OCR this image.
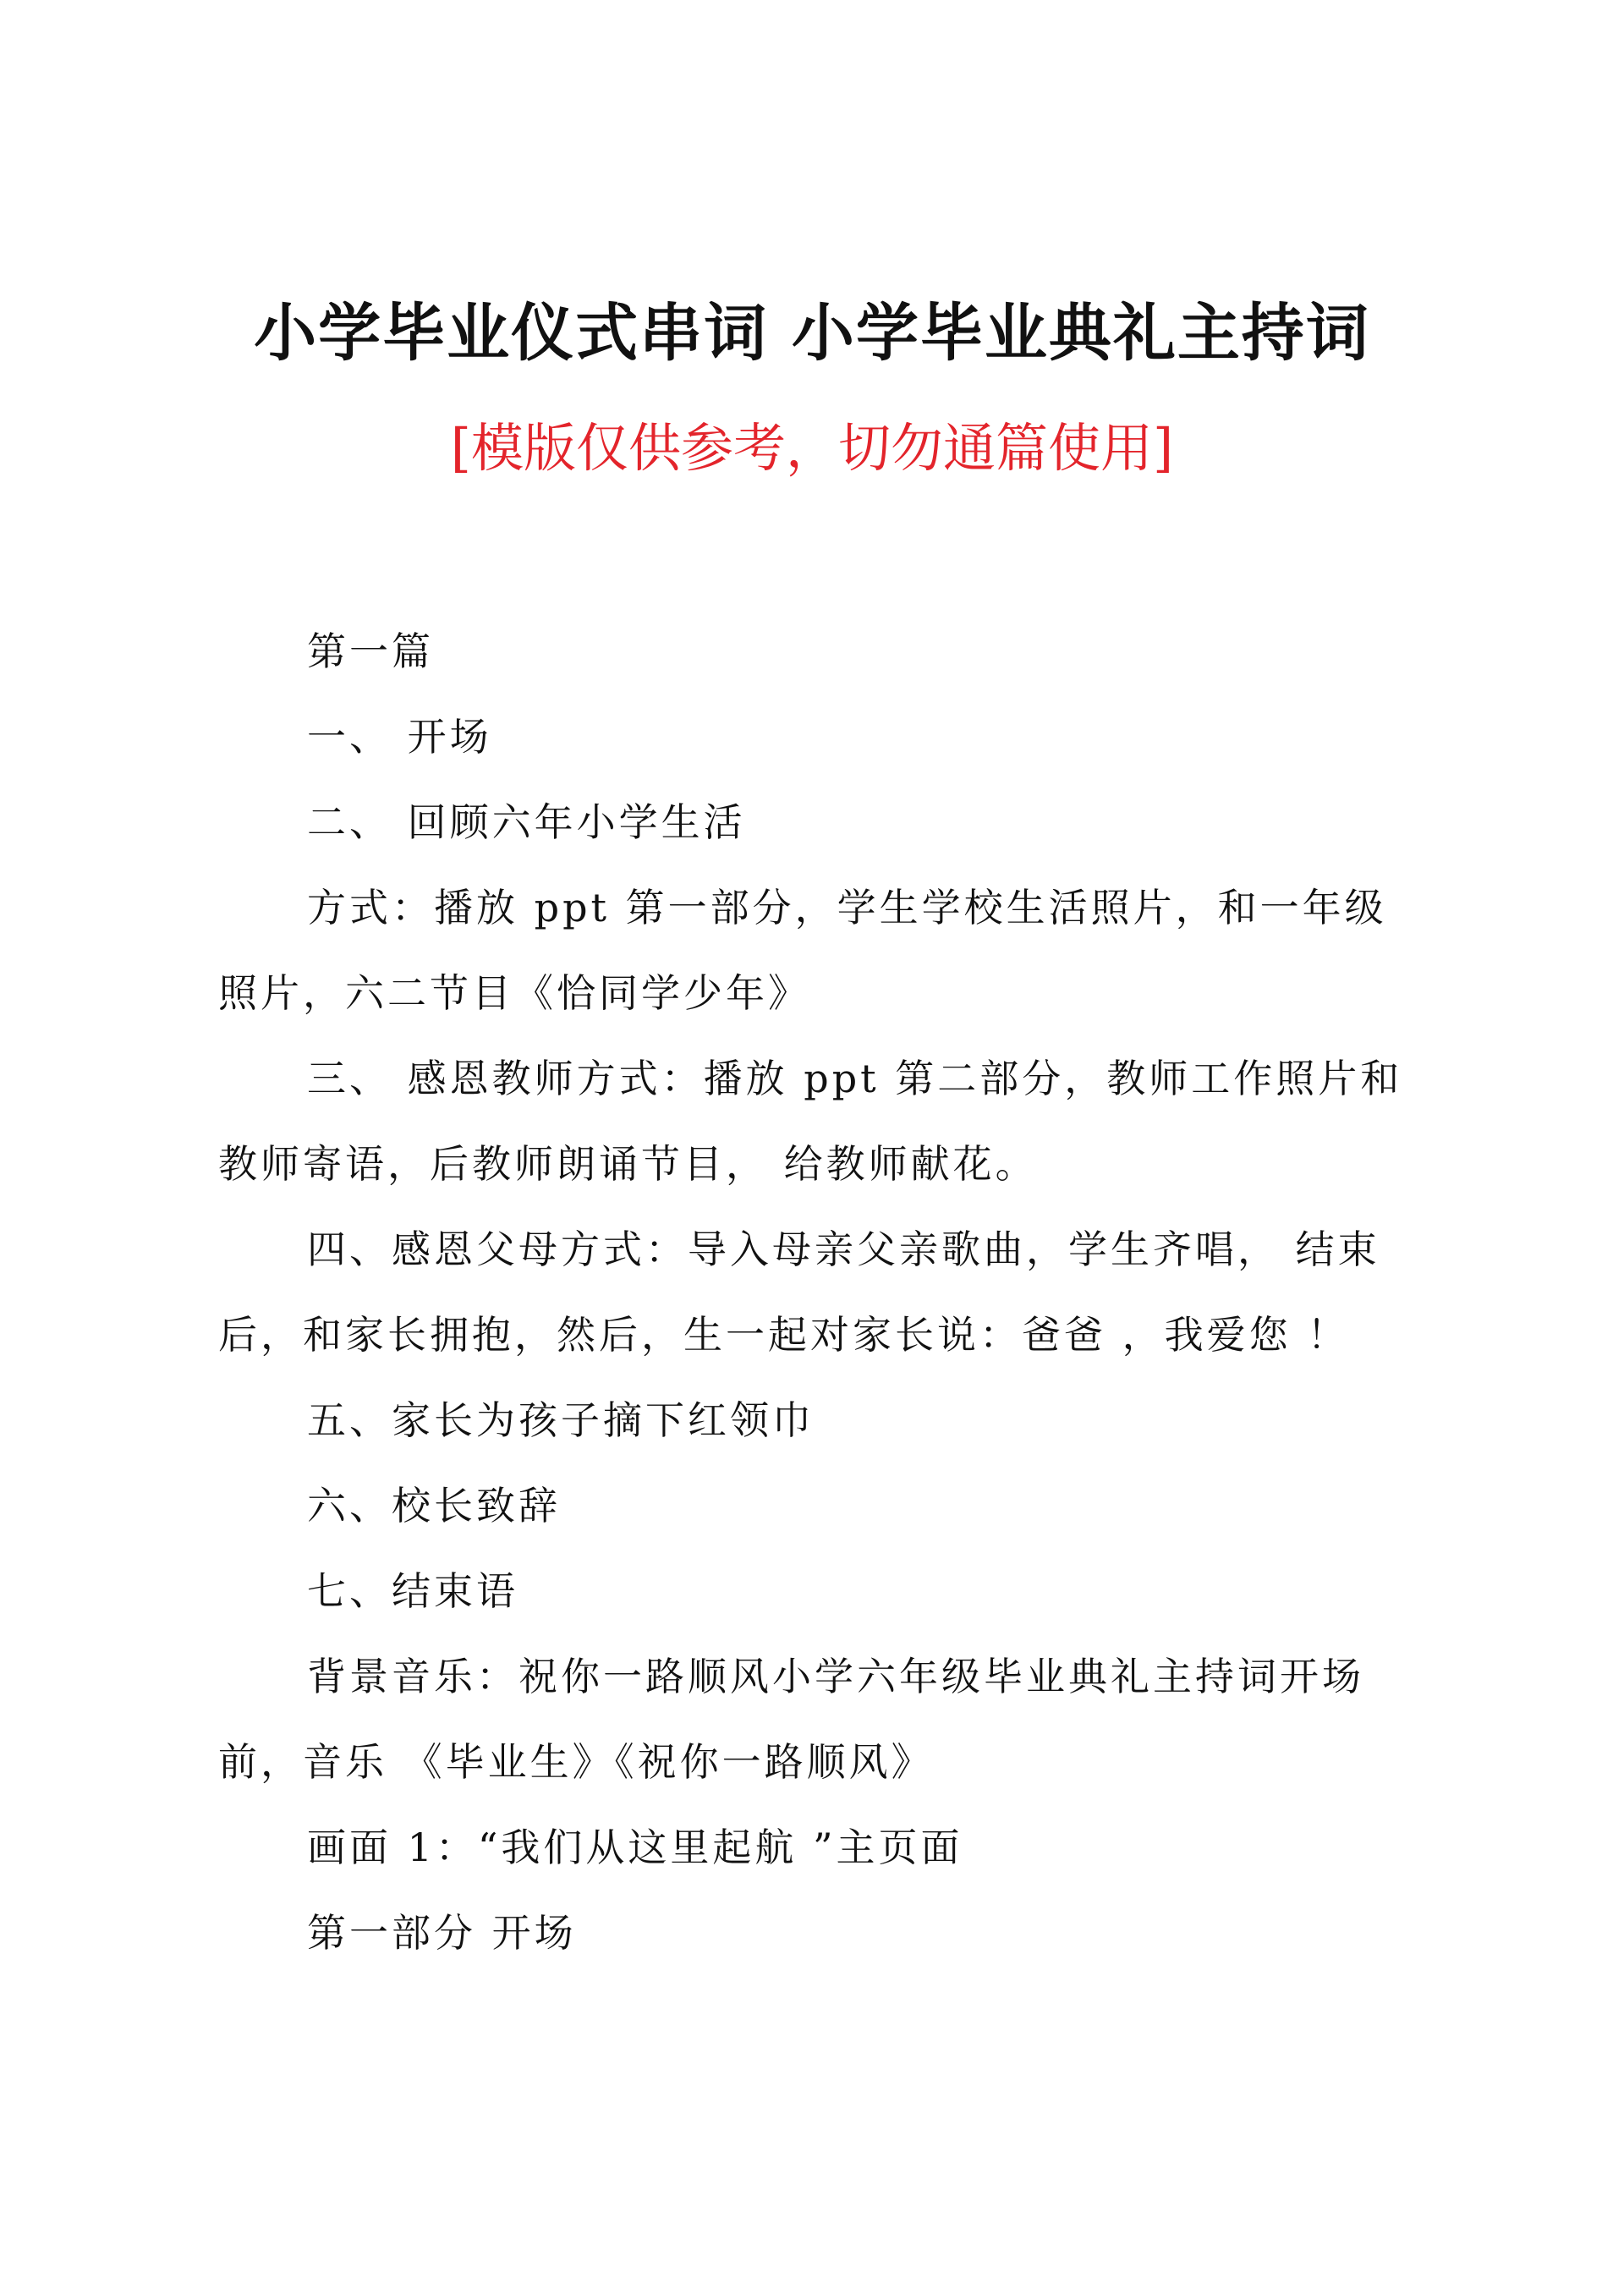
小学毕业仪式串词 小学毕业典礼主持词
[模版仅供参考，切勿通篇使用]

第一篇

一、 开场

二、 回顾六年小学生活

方式：播放 ppt 第一部分，学生学校生活照片，和一年级照片，六二节目《恰同学少年》

三、 感恩教师方式：播放 ppt 第二部分，教师工作照片和教师寄语，后教师朗诵节目， 给教师献花。

四、感恩父母方式：导入母亲父亲歌曲，学生齐唱， 结束后，和家长拥抱，然后，生一起对家长说：爸爸 ，我爱您 ！

五、家长为孩子摘下红领巾

六、校长致辞

七、结束语

背景音乐：祝你一路顺风小学六年级毕业典礼主持词开场前，音乐 《毕业生》《祝你一路顺风》

画面 1：“我们从这里起航 ”主页面

第一部分 开场
